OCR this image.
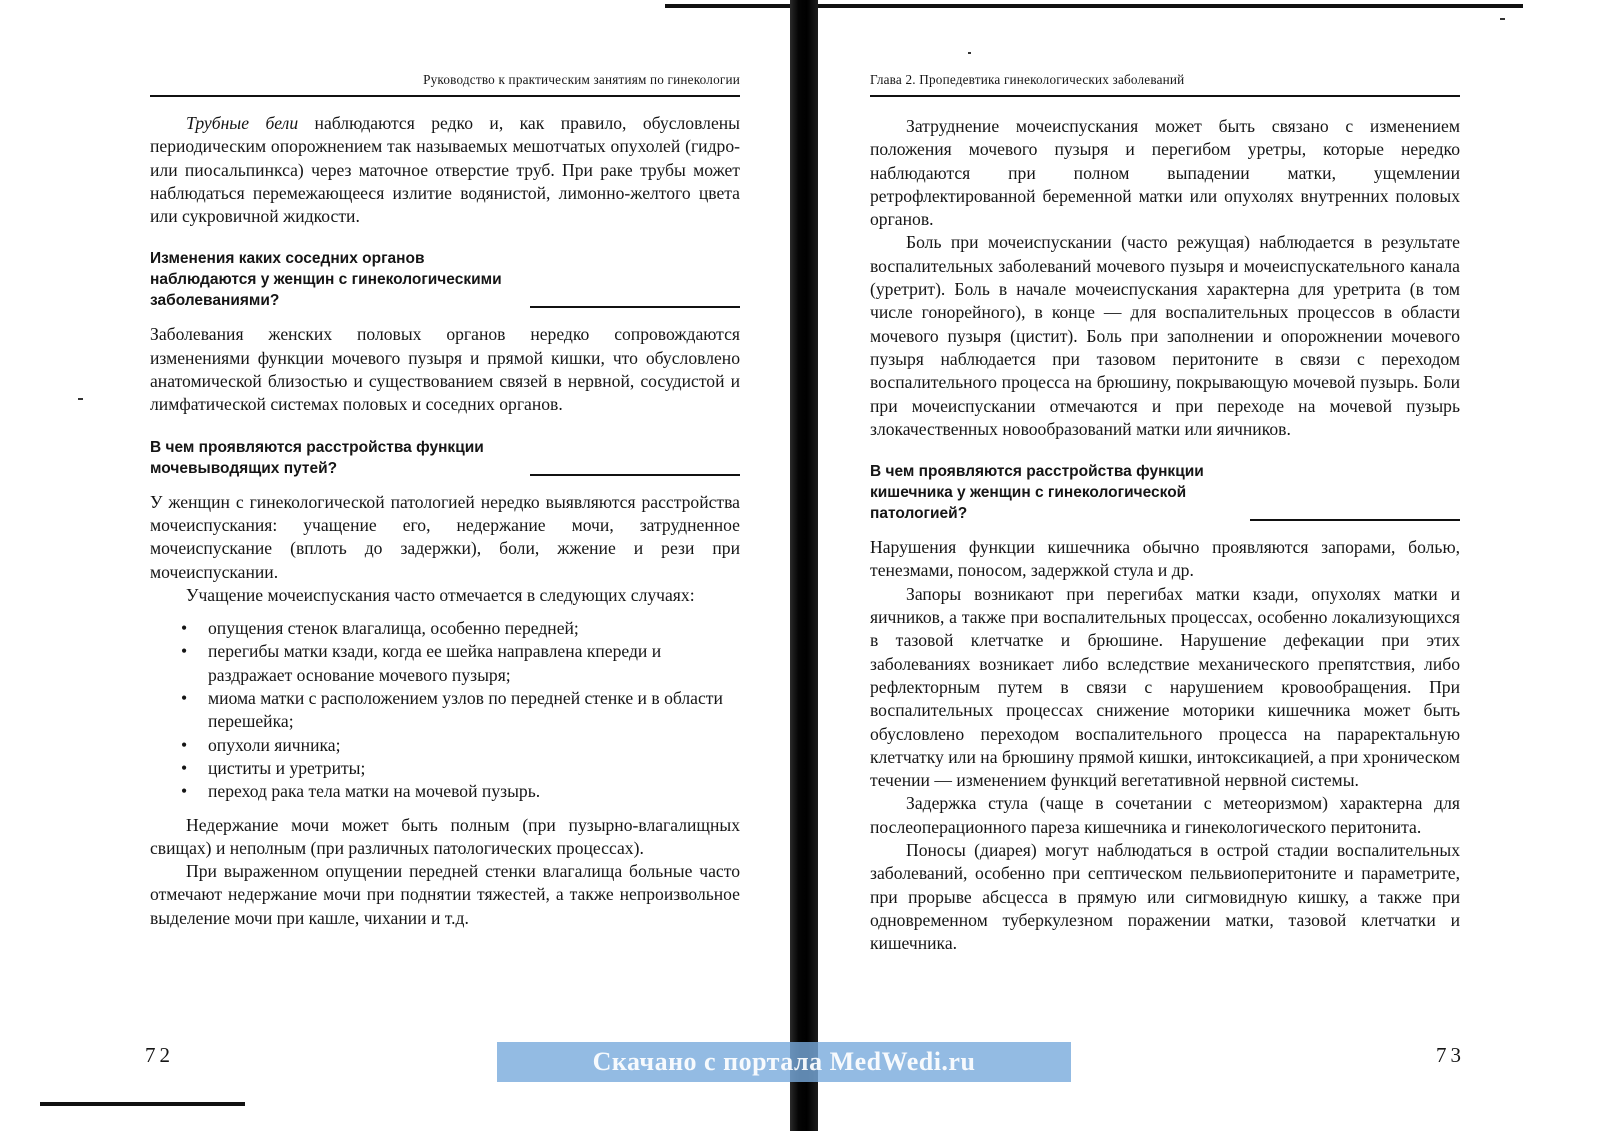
Руководство к практическим занятиям по гинекологии

Трубные бели наблюдаются редко и, как правило, обусловлены периодическим опорожнением так называемых мешотчатых опухолей (гидро- или пиосальпинкса) через маточное отверстие труб. При раке трубы может наблюдаться перемежающееся излитие водянистой, лимонно-желтого цвета или сукровичной жидкости.

Изменения каких соседних органов наблюдаются у женщин с гинекологическими заболеваниями?

Заболевания женских половых органов нередко сопровождаются изменениями функции мочевого пузыря и прямой кишки, что обусловлено анатомической близостью и существованием связей в нервной, сосудистой и лимфатической системах половых и соседних органов.

В чем проявляются расстройства функции мочевыводящих путей?

У женщин с гинекологической патологией нередко выявляются расстройства мочеиспускания: учащение его, недержание мочи, затрудненное мочеиспускание (вплоть до задержки), боли, жжение и рези при мочеиспускании.

Учащение мочеиспускания часто отмечается в следующих случаях:

• опущения стенок влагалища, особенно передней;
• перегибы матки кзади, когда ее шейка направлена кпереди и раздражает основание мочевого пузыря;
• миома матки с расположением узлов по передней стенке и в области перешейка;
• опухоли яичника;
• циститы и уретриты;
• переход рака тела матки на мочевой пузырь.

Недержание мочи может быть полным (при пузырно-влагалищных свищах) и неполным (при различных патологических процессах).

При выраженном опущении передней стенки влагалища больные часто отмечают недержание мочи при поднятии тяжестей, а также непроизвольное выделение мочи при кашле, чихании и т.д.

72
Глава 2. Пропедевтика гинекологических заболеваний

Затруднение мочеиспускания может быть связано с изменением положения мочевого пузыря и перегибом уретры, которые нередко наблюдаются при полном выпадении матки, ущемлении ретрофлектированной беременной матки или опухолях внутренних половых органов.

Боль при мочеиспускании (часто режущая) наблюдается в результате воспалительных заболеваний мочевого пузыря и мочеиспускательного канала (уретрит). Боль в начале мочеиспускания характерна для уретрита (в том числе гонорейного), в конце — для воспалительных процессов в области мочевого пузыря (цистит). Боль при заполнении и опорожнении мочевого пузыря наблюдается при тазовом перитоните в связи с переходом воспалительного процесса на брюшину, покрывающую мочевой пузырь. Боли при мочеиспускании отмечаются и при переходе на мочевой пузырь злокачественных новообразований матки или яичников.

В чем проявляются расстройства функции кишечника у женщин с гинекологической патологией?

Нарушения функции кишечника обычно проявляются запорами, болью, тенезмами, поносом, задержкой стула и др.

Запоры возникают при перегибах матки кзади, опухолях матки и яичников, а также при воспалительных процессах, особенно локализующихся в тазовой клетчатке и брюшине. Нарушение дефекации при этих заболеваниях возникает либо вследствие механического препятствия, либо рефлекторным путем в связи с нарушением кровообращения. При воспалительных процессах снижение моторики кишечника может быть обусловлено переходом воспалительного процесса на параректальную клетчатку или на брюшину прямой кишки, интоксикацией, а при хроническом течении — изменением функций вегетативной нервной системы.

Задержка стула (чаще в сочетании с метеоризмом) характерна для послеоперационного пареза кишечника и гинекологического перитонита.

Поносы (диарея) могут наблюдаться в острой стадии воспалительных заболеваний, особенно при септическом пельвиоперитоните и параметрите, при прорыве абсцесса в прямую или сигмовидную кишку, а также при одновременном туберкулезном поражении матки, тазовой клетчатки и кишечника.

73
Скачано с портала MedWedi.ru
